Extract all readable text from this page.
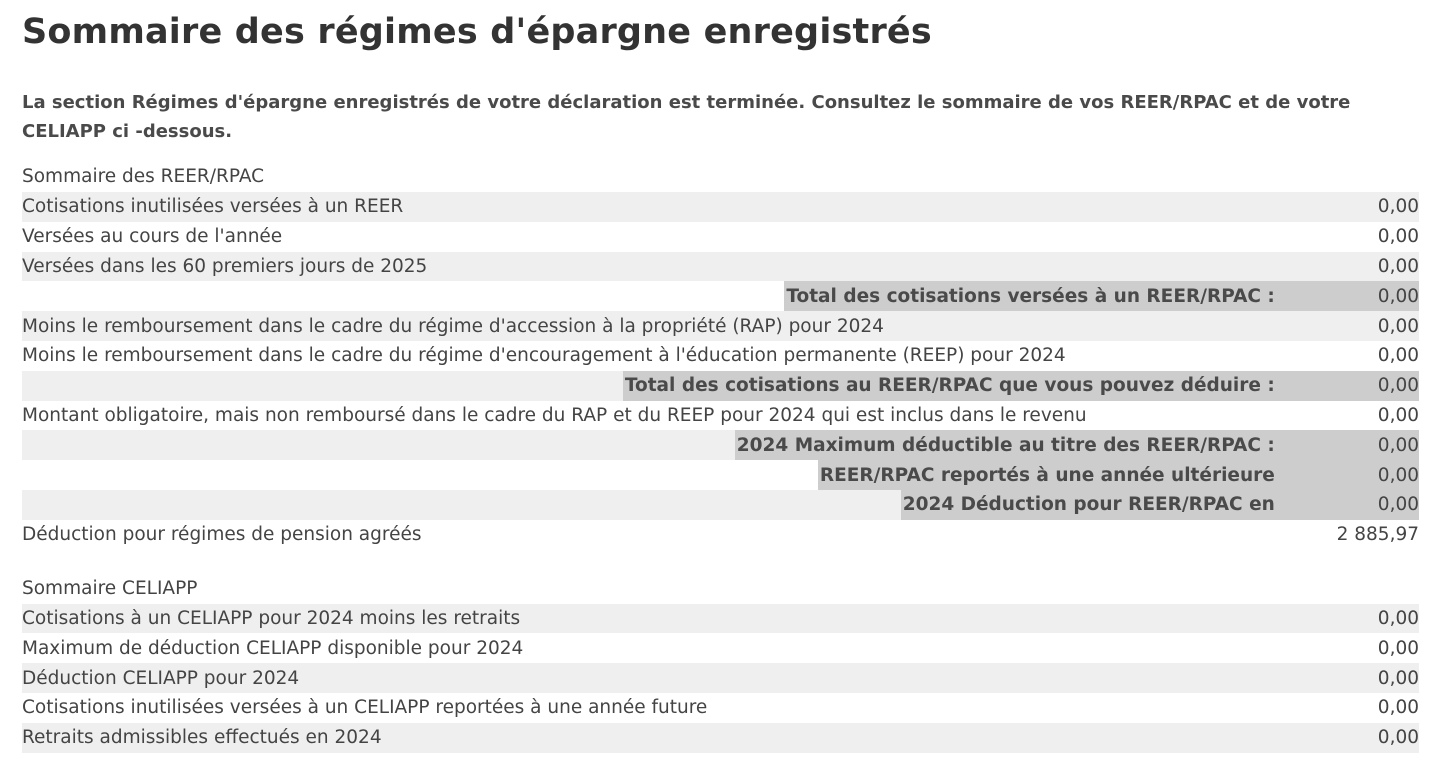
Sommaire des régimes d'épargne enregistrés

La section Régimes d'épargne enregistrés de votre déclaration est terminée. Consultez le sommaire de vos REER/RPAC et de votre CELIAPP ci -dessous.

Sommaire des REER/RPAC
Cotisations inutilisées versées à un REER	0,00
Versées au cours de l'année	0,00
Versées dans les 60 premiers jours de 2025	0,00
Total des cotisations versées à un REER/RPAC :	0,00
Moins le remboursement dans le cadre du régime d'accession à la propriété (RAP) pour 2024	0,00
Moins le remboursement dans le cadre du régime d'encouragement à l'éducation permanente (REEP) pour 2024	0,00
Total des cotisations au REER/RPAC que vous pouvez déduire :	0,00
Montant obligatoire, mais non remboursé dans le cadre du RAP et du REEP pour 2024 qui est inclus dans le revenu	0,00
2024 Maximum déductible au titre des REER/RPAC :	0,00
REER/RPAC reportés à une année ultérieure	0,00
2024 Déduction pour REER/RPAC en	0,00
Déduction pour régimes de pension agréés	2 885,97
Sommaire CELIAPP
Cotisations à un CELIAPP pour 2024 moins les retraits	0,00
Maximum de déduction CELIAPP disponible pour 2024	0,00
Déduction CELIAPP pour 2024	0,00
Cotisations inutilisées versées à un CELIAPP reportées à une année future	0,00
Retraits admissibles effectués en 2024	0,00
